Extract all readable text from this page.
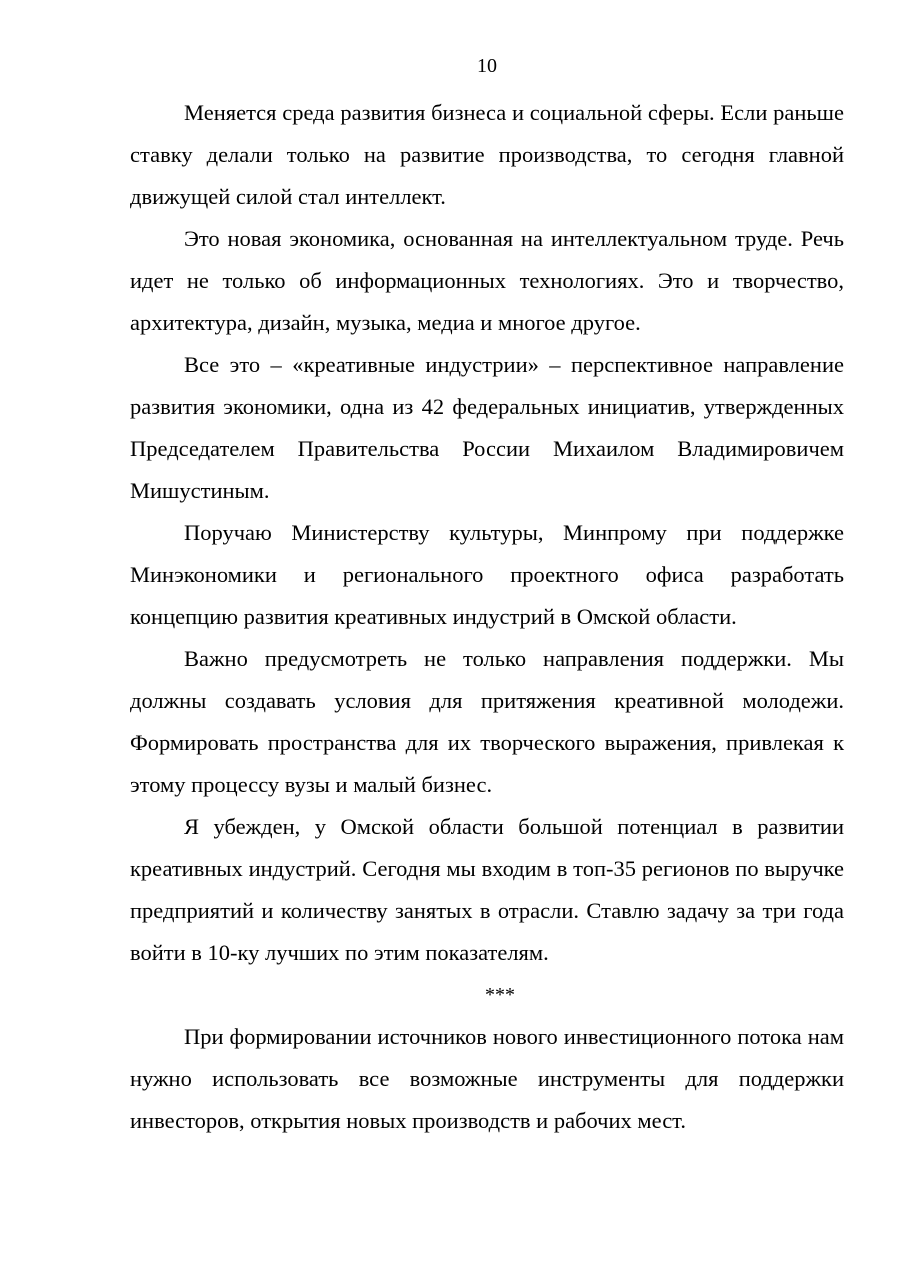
10

Меняется среда развития бизнеса и социальной сферы. Если раньше ставку делали только на развитие производства, то сегодня главной движущей силой стал интеллект.

Это новая экономика, основанная на интеллектуальном труде. Речь идет не только об информационных технологиях. Это и творчество, архитектура, дизайн, музыка, медиа и многое другое.

Все это – «креативные индустрии» – перспективное направление развития экономики, одна из 42 федеральных инициатив, утвержденных Председателем Правительства России Михаилом Владимировичем Мишустиным.

Поручаю Министерству культуры, Минпрому при поддержке Минэкономики и регионального проектного офиса разработать концепцию развития креативных индустрий в Омской области.

Важно предусмотреть не только направления поддержки. Мы должны создавать условия для притяжения креативной молодежи. Формировать пространства для их творческого выражения, привлекая к этому процессу вузы и малый бизнес.

Я убежден, у Омской области большой потенциал в развитии креативных индустрий. Сегодня мы входим в топ-35 регионов по выручке предприятий и количеству занятых в отрасли. Ставлю задачу за три года войти в 10-ку лучших по этим показателям.

***

При формировании источников нового инвестиционного потока нам нужно использовать все возможные инструменты для поддержки инвесторов, открытия новых производств и рабочих мест.
